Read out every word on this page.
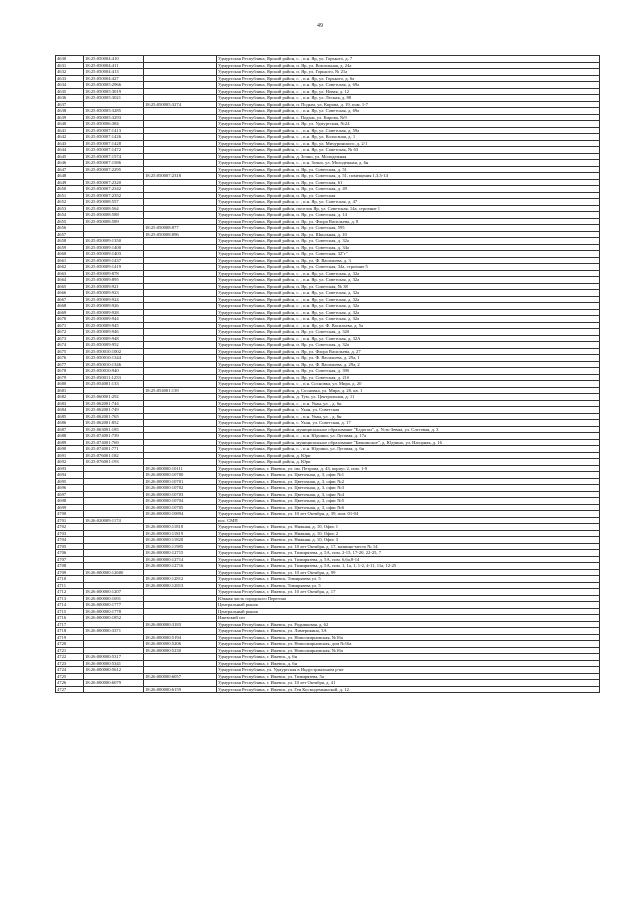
49
4630	18:25:050004:410		Удмуртская Республика, Ярский район, с. , п.н. Яр, ул. Горького, д. 7
4631	18:25:050004:411		Удмуртская Республика, Ярский район, п. Яр, ул. Вокзальная, д. 24а
4632	18:25:050004:413		Удмуртская Республика, Ярский район, п. Яр, ул. Горького, № 21а
4633	18:25:050004:427		Удмуртская Республика, Ярский район, с. , п.н. Яр, ул. Горького, д. 6а
4634	18:25:050005:2966		Удмуртская Республика, Ярский район, с. , п.н. Яр, ул. Советская, д. 69а
4635	18:25:050005:3019		Удмуртская Республика, Ярский район, с. , п.н. Яр, ул. Новая, д. 12
4636	18:25:050005:3021		Удмуртская Республика, Ярский район, с. , п.н. Яр, ул. Лесная, д. 88
4637		18:25:050005:3274	Удмуртская Республика, Ярский район, п. Подым, ул. Кирова, д. 19, пом. 1-7
4638	18:25:050005:3285		Удмуртская Республика, Ярский район, с. , п.н. Яр, ул. Советская, д. 69а
4639	18:25:050005:3293		Удмуртская Республика, Ярский район, с. Подым, ул. Кирова, №9
4640	18:25:050006:384		Удмуртская Республика, Ярский район, п. Яр, ул. Удмуртская, №24
4641	18:25:050007:1413		Удмуртская Республика, Ярский район, с. , п.н. Яр, ул. Советская, д. 59а
4642	18:25:050007:1426		Удмуртская Республика, Ярский район, с. , п.н. Яр, ул. Колхозная, д. 1
4643	18:25:050007:1428		Удмуртская Республика, Ярский район, с. , п.н. Яр, ул. Мичуринского, д. 2/1
4644	18:25:050007:1472		Удмуртская Республика, Ярский район, с. , п.н. Яр, ул. Советская, № 63
4645	18:25:050007:1574		Удмуртская Республика, Ярский район, д. Зочно, ул. Молодежная
4646	18:25:050007:1586		Удмуртская Республика, Ярский район, с. , п.н. Зочно, ул. Молодежная, д. 6н
4647	18:25:050007:2295		Удмуртская Республика, Ярский район, п. Яр, ул. Советская, д. 51
4648		18:25:050007:2318	Удмуртская Республика, Ярский район, п. Яр, ул. Советская, д. 51, помещения 1,3,5-14
4649	18:25:050007:2320		Удмуртская Республика, Ярский район, п. Яр, ул. Советская, 61
4650	18:25:050007:2342		Удмуртская Республика, Ярский район, п. Яр, ул. Советская, д. 49
4651	18:25:050007:2352		Удмуртская Республика, Ярский район, п. Яр, ул. Советская
4652	18:25:050008:557		Удмуртская Республика, Ярский район, с. , п.н. Яр, ул. Советская, д. 47
4653	18:25:050008:564		Удмуртская Республика, Ярский район, поселок Яр, ул. Советская, 14а, строение 1
4654	18:25:050008:588		Удмуртская Республика, Ярский район, п. Яр, ул. Советская, д. 14
4655	18:25:050008:589		Удмуртская Республика, Ярский район, п. Яр, ул. Флора Васильева, д. 8
4656		18:25:050008:877	Удмуртская Республика, Ярский район, п. Яр, ул. Советская, 595
4657		18:25:050008:896	Удмуртская Республика, Ярский район, п. Яр, ул. Школьная, д. 10
4658	18:25:050009:1350		Удмуртская Республика, Ярский район, п. Яр, ул. Советская, д. 32а
4659	18:25:050009:1400		Удмуртская Республика, Ярский район, п. Яр, ул. Советская, д. 34а
4660	18:25:050009:1403		Удмуртская Республика, Ярский район, п. Яр, ул. Советская, 32"г"
4661	18:25:050009:1437		Удмуртская Республика, Ярский район, п. Яр, ул. Ф. Васильева, д. 3
4662	18:25:050009:1419		Удмуртская Республика, Ярский район, п. Яр, ул. Советская, 34а, строение 5
4663	18:25:050009:878		Удмуртская Республика, Ярский район, с. , п.н. Яр, ул. Советская, д. 32а
4664	18:25:050009:895		Удмуртская Республика, Ярский район, с. , п.н. Яр, ул. Советская, д. 32а
4665	18:25:050009:921		Удмуртская Республика, Ярский район, п. Яр, ул. Советская, № 38
4666	18:25:050009:923		Удмуртская Республика, Ярский район, с. , п.н. Яр, ул. Советская, д. 32а
4667	18:25:050009:924		Удмуртская Республика, Ярский район, с. , п.н. Яр, ул. Советская, д. 32а
4668	18:25:050009:926		Удмуртская Республика, Ярский район, с. , п.н. Яр, ул. Советская, д. 32а
4669	18:25:050009:928		Удмуртская Республика, Ярский район, с. , п.н. Яр, ул. Советская, д. 32а
4670	18:25:050009:944		Удмуртская Республика, Ярский район, с. , п.н. Яр, ул. Советская, д. 32а
4671	18:25:050009:945		Удмуртская Республика, Ярский район, с. , п.н. Яр, ул. Ф. Васильева, д. 5а
4672	18:25:050009:946		Удмуртская Республика, Ярский район, п. Яр, ул. Советская, д. 32б
4673	18:25:050009:948		Удмуртская Республика, Ярский район, с. , п.н. Яр, ул. Советская, д. 32А
4674	18:25:050009:952		Удмуртская Республика, Ярский район, п. Яр, ул. Советская, д. 32а
4675	18:25:050010:1002		Удмуртская Республика, Ярский район, п. Яр, ул. Флора Васильева, д. 27
4676	18:25:050010:1344		Удмуртская Республика, Ярский район, п. Яр, ул. Ф. Васильева, д. 29а, 1
4677	18:25:050010:1346		Удмуртская Республика, Ярский район, п. Яр, ул. Ф. Васильева, д. 29а, 2
4678	18:25:050010:940		Удмуртская Республика, Ярский район, п. Яр, ул. Советская, д. 39б
4679	18:25:050011:1253		Удмуртская Республика, Ярский район, п. Яр, ул. Советская, д. 21б
4680	18:25:054001:133		Удмуртская Республика, Ярский район, с. , п.н. Сосновка, ул. Мира, д. 20
4681		18:25:054001:139	Удмуртская Республика, Ярский район, д. Сосновка, ул. Мира, д. 20, кв. 1
4682	18:25:060001:292		Удмуртская Республика, Ярский район, д. Тум, ул. Центральная, д. 11
4683	18:25:062001:744		Удмуртская Республика, Ярский район, с. , п.н. Укан, ул. , д. 6н
4684	18:25:062001:749		Удмуртская Республика, Ярский район, с. Укан, ул. Советская
4685	18:25:062001:765		Удмуртская Республика, Ярский район, с. , п.н. Укан, ул. , д. 6н
4686	18:25:062001:852		Удмуртская Республика, Ярский район, с. Укан, ул. Советская, д. 17
4687	18:25:063001:185		Удмуртская Республика, Ярский район, муниципальное образование "Елдогон", д. Усть-Зевма, ул. Слесевая, д. 3
4688	18:25:074001:739		Удмуртская Республика, Ярский район, с. , п.н. Юдчино, ул. Луговая, д. 17а
4689	18:25:074001:769		Удмуртская Республика, Ярский район, муниципальное образование "Бачкинское", д. Юдчино, ул. Нагорная, д. 16
4690	18:25:074001:771		Удмуртская Республика, Ярский район, с. , п.н. Юдчино, ул. Луговая, д. 6н
4691	18:25:076001:182		Удмуртская Республика, Ярский район, д. Юри
4692	18:25:076001:193		Удмуртская Республика, Ярский район, д. Юри
4693		18:26:000000:10111	Удмуртская Республика, г. Ижевск, ул. им. Петрова, д. 43, корпус 2, пом. 1-9
4694		18:26:000000:10700	Удмуртская Республика, г. Ижевск, ул. Цветочная, д. 3, офис №1
4695		18:26:000000:10701	Удмуртская Республика, г. Ижевск, ул. Цветочная, д. 3, офис №2
4696		18:26:000000:10702	Удмуртская Республика, г. Ижевск, ул. Цветочная, д. 3, офис №3
4697		18:26:000000:10703	Удмуртская Республика, г. Ижевск, ул. Цветочная, д. 3, офис №4
4698		18:26:000000:10704	Удмуртская Республика, г. Ижевск, ул. Цветочная, д. 3, офис №5
4699		18:26:000000:10705	Удмуртская Республика, г. Ижевск, ул. Цветочная, д. 3, офис №6
4700		18:26:000000:10894	Удмуртская Республика, г. Ижевск, ул. 10 лет Октября, д. 39, пом. 01-04
4701	18:26:020009:1174		пос. СМП
4702		18:26:000000:11818	Удмуртская Республика, г. Ижевск, ул. Нижняя, д. 10, Офис 1
4703		18:26:000000:11819	Удмуртская Республика, г. Ижевск, ул. Нижняя, д. 10, Офис 2
4704		18:26:000000:11820	Удмуртская Республика, г. Ижевск, ул. Нижняя, д. 10, Офис 3
4705		18:26:000000:11985	Удмуртская Республика, г. Ижевск, ул. 10 лет Октября, д. 17, машино-место № 14
4706		18:26:000000:12715	Удмуртская Республика, г. Ижевск, ул. Тимирязева, д. 5А, пом. 2-15, 17-20, 22-25, 7
4707		18:26:000000:12714	Удмуртская Республика, г. Ижевск, ул. Тимирязева, д. 5А, пом. 6,6а,8-14
4708		18:26:000000:12716	Удмуртская Республика, г. Ижевск, ул. Тимирязева, д. 5А, пом. 1, 1а, 1, 1-2, 4-11, 11а, 12-25
4709	18:26:000000:12600		Удмуртская Республика, г. Ижевск, ул. 10 лет Октября, д. 99
4710		18:26:000000:12812	Удмуртская Республика, г. Ижевск, Тимирязева ул. 5
4711		18:26:000000:12813	Удмуртская Республика, г. Ижевск, Тимирязева ул. 5
4712	18:26:000000:1207		Удмуртская Республика, г. Ижевск, ул. 10 лет Октября, д. 17
4713	18:26:000000:1691		Южная часть городского Перегона
4714	18:26:000000:1777		Центральный рынок
4715	18:26:000000:1778		Центральный рынок
4716	18:26:000000:1852		Ижевский спг
4717		18:26:000000:3183	Удмуртская Республика, г. Ижевск, ул. Родниковая, д. 62
4718	18:26:000000:3371		Удмуртская Республика, г. Ижевск, ул. Лимерикина, 3А
4719		18:26:000000:5194	Удмуртская Республика, г. Ижевск, ул. Новосмирновская, №16а
4720		18:26:000000:5206	Удмуртская Республика, г. Ижевск, ул. Новосмирновская, дом №16а
4721		18:26:000000:5230	Удмуртская Республика, г. Ижевск, ул. Новосмирновская, №16а
4722	18:26:000000:5317		Удмуртская Республика, г. Ижевск, д. 6н
4723	18:26:000000:5341		Удмуртская Республика, г. Ижевск, д. 6н
4724	18:26:000000:5612		Удмуртская Республика, ул. Удмуртская в Индустриальном р-не
4725		18:26:000000:6057	Удмуртская Республика, г. Ижевск, ул. Тимирязева, 5а
4726	18:26:000000:6079		Удмуртская Республика, г. Ижевск, ул. 10 лет Октября, д. 41
4727		18:26:000000:6159	Удмуртская Республика, г. Ижевск, ул. Ген Космодемьянской, д. 12
